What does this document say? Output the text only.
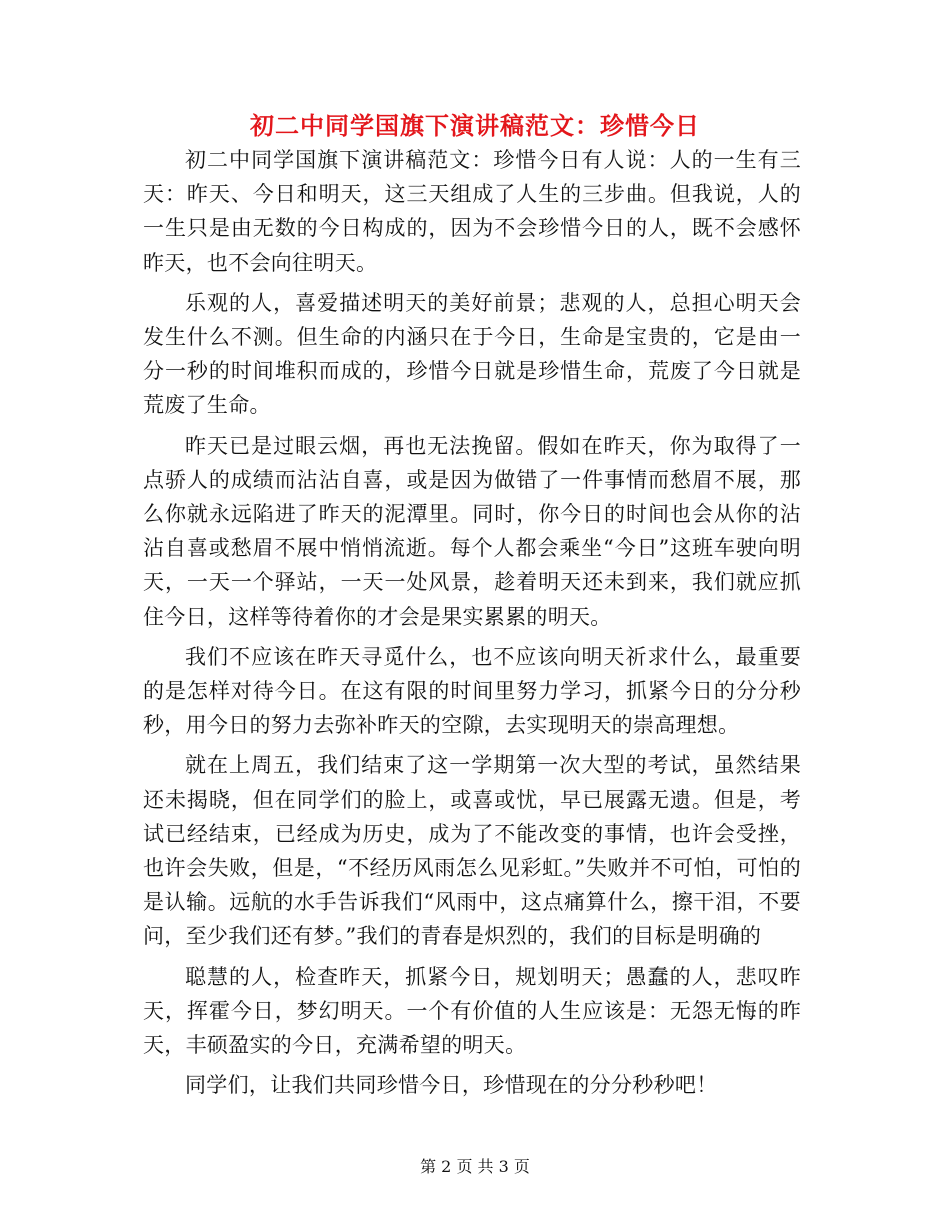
初二中同学国旗下演讲稿范文：珍惜今日

初二中同学国旗下演讲稿范文：珍惜今日有人说：人的一生有三天：昨天、今日和明天，这三天组成了人生的三步曲。但我说，人的一生只是由无数的今日构成的，因为不会珍惜今日的人，既不会感怀昨天，也不会向往明天。

乐观的人，喜爱描述明天的美好前景；悲观的人，总担心明天会发生什么不测。但生命的内涵只在于今日，生命是宝贵的，它是由一分一秒的时间堆积而成的，珍惜今日就是珍惜生命，荒废了今日就是荒废了生命。

昨天已是过眼云烟，再也无法挽留。假如在昨天，你为取得了一点骄人的成绩而沾沾自喜，或是因为做错了一件事情而愁眉不展，那么你就永远陷进了昨天的泥潭里。同时，你今日的时间也会从你的沾沾自喜或愁眉不展中悄悄流逝。每个人都会乘坐“今日”这班车驶向明天，一天一个驿站，一天一处风景，趁着明天还未到来，我们就应抓住今日，这样等待着你的才会是果实累累的明天。

我们不应该在昨天寻觅什么，也不应该向明天祈求什么，最重要的是怎样对待今日。在这有限的时间里努力学习，抓紧今日的分分秒秒，用今日的努力去弥补昨天的空隙，去实现明天的崇高理想。

就在上周五，我们结束了这一学期第一次大型的考试，虽然结果还未揭晓，但在同学们的脸上，或喜或忧，早已展露无遗。但是，考试已经结束，已经成为历史，成为了不能改变的事情，也许会受挫，也许会失败，但是，“不经历风雨怎么见彩虹。”失败并不可怕，可怕的是认输。远航的水手告诉我们“风雨中，这点痛算什么，擦干泪，不要问，至少我们还有梦。”我们的青春是炽烈的，我们的目标是明确的

聪慧的人，检查昨天，抓紧今日，规划明天；愚蠢的人，悲叹昨天，挥霍今日，梦幻明天。一个有价值的人生应该是：无怨无悔的昨天，丰硕盈实的今日，充满希望的明天。

同学们，让我们共同珍惜今日，珍惜现在的分分秒秒吧！

第 2 页 共 3 页
